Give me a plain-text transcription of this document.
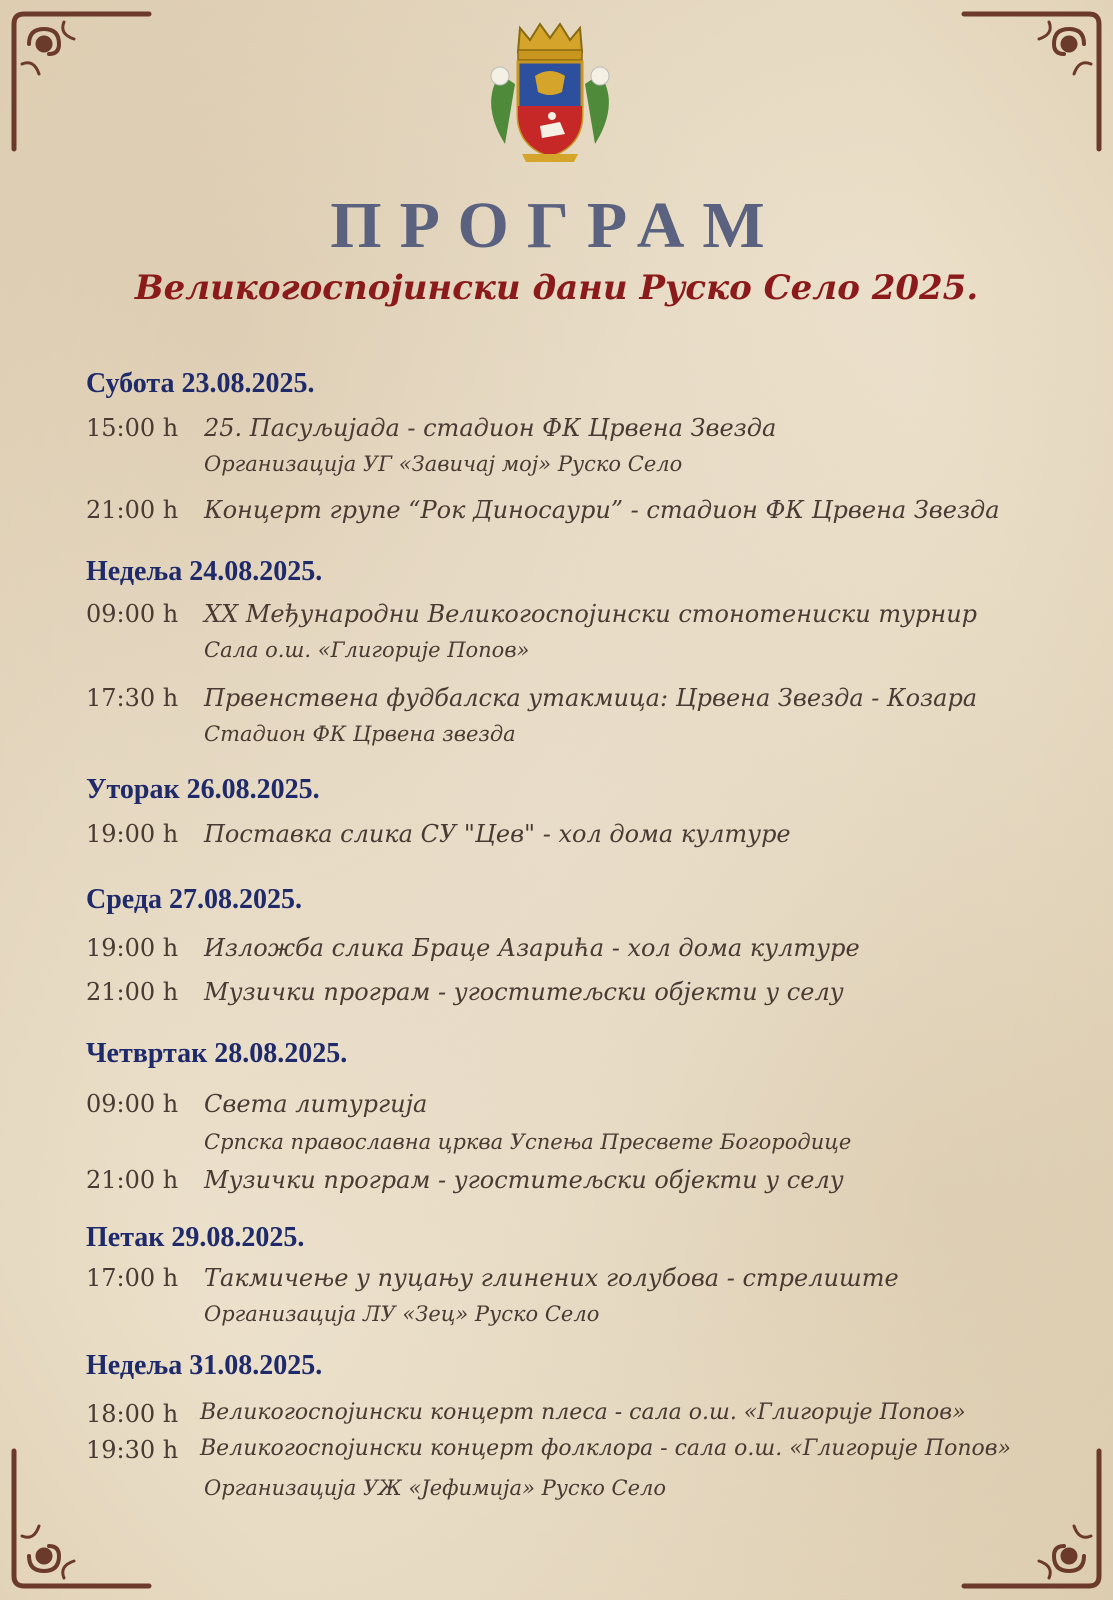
ПРОГРАМ
Великогоспојински дани Руско Село 2025.
Субота 23.08.2025.
15:00 h 25. Пасуљијада - стадион ФК Црвена Звезда
Организација УГ «Завичај мој» Руско Село
21:00 h Концерт групе “Рок Диносаури” - стадион ФК Црвена Звезда
Недеља 24.08.2025.
09:00 h XX Међународни Великогоспојински стонотениски турнир
Сала о.ш. «Глигорије Попов»
17:30 h Првенствена фудбалска утакмица: Црвена Звезда - Козара
Стадион ФК Црвена звезда
Уторак 26.08.2025.
19:00 h Поставка слика СУ "Цев" - хол дома културе
Среда 27.08.2025.
19:00 h Изложба слика Браце Азарића - хол дома културе
21:00 h Музички програм - угоститељски објекти у селу
Четвртак 28.08.2025.
09:00 h Света литургија
Српска православна црква Успења Пресвете Богородице
21:00 h Музички програм - угоститељски објекти у селу
Петак 29.08.2025.
17:00 h Такмичење у пуцању глинених голубова - стрелиште
Организација ЛУ «Зец» Руско Село
Недеља 31.08.2025.
18:00 h Великогоспојински концерт плеса - сала о.ш. «Глигорије Попов»
19:30 h Великогоспојински концерт фолклора - сала о.ш. «Глигорије Попов»
Организација УЖ «Јефимија» Руско Село
